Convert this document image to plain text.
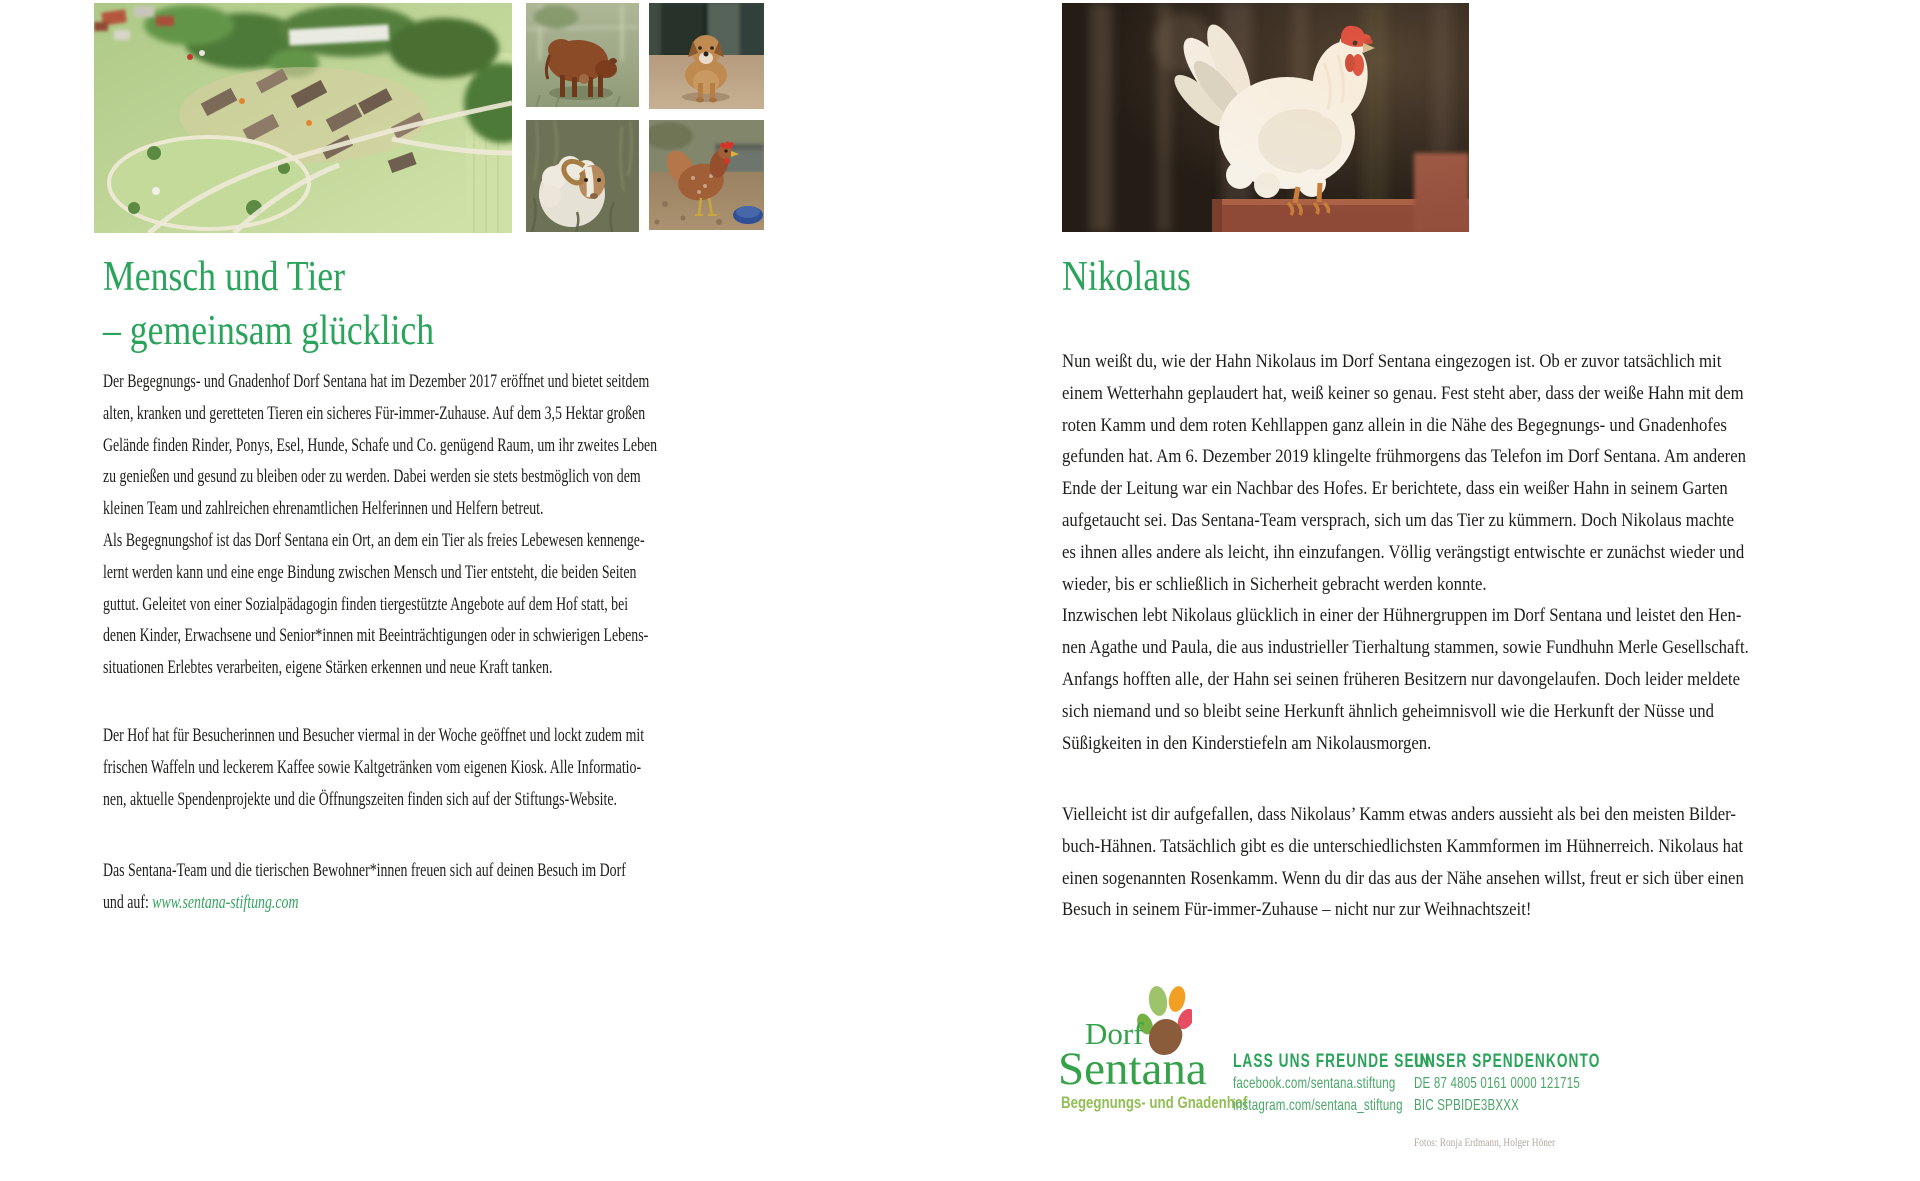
Mensch und Tier
– gemeinsam glücklich
Der Begegnungs- und Gnadenhof Dorf Sentana hat im Dezember 2017 eröffnet und bietet seitdem
alten, kranken und geretteten Tieren ein sicheres Für-immer-Zuhause. Auf dem 3,5 Hektar großen
Gelände finden Rinder, Ponys, Esel, Hunde, Schafe und Co. genügend Raum, um ihr zweites Leben
zu genießen und gesund zu bleiben oder zu werden. Dabei werden sie stets bestmöglich von dem
kleinen Team und zahlreichen ehrenamtlichen Helferinnen und Helfern betreut.
Als Begegnungshof ist das Dorf Sentana ein Ort, an dem ein Tier als freies Lebewesen kennenge-
lernt werden kann und eine enge Bindung zwischen Mensch und Tier entsteht, die beiden Seiten
guttut. Geleitet von einer Sozialpädagogin finden tiergestützte Angebote auf dem Hof statt, bei
denen Kinder, Erwachsene und Senior*innen mit Beeinträchtigungen oder in schwierigen Lebens-
situationen Erlebtes verarbeiten, eigene Stärken erkennen und neue Kraft tanken.
Der Hof hat für Besucherinnen und Besucher viermal in der Woche geöffnet und lockt zudem mit
frischen Waffeln und leckerem Kaffee sowie Kaltgetränken vom eigenen Kiosk. Alle Informatio-
nen, aktuelle Spendenprojekte und die Öffnungszeiten finden sich auf der Stiftungs-Website.
Das Sentana-Team und die tierischen Bewohner*innen freuen sich auf deinen Besuch im Dorf
und auf: www.sentana-stiftung.com
Nikolaus
Nun weißt du, wie der Hahn Nikolaus im Dorf Sentana eingezogen ist. Ob er zuvor tatsächlich mit
einem Wetterhahn geplaudert hat, weiß keiner so genau. Fest steht aber, dass der weiße Hahn mit dem
roten Kamm und dem roten Kehllappen ganz allein in die Nähe des Begegnungs- und Gnadenhofes
gefunden hat. Am 6. Dezember 2019 klingelte frühmorgens das Telefon im Dorf Sentana. Am anderen
Ende der Leitung war ein Nachbar des Hofes. Er berichtete, dass ein weißer Hahn in seinem Garten
aufgetaucht sei. Das Sentana-Team versprach, sich um das Tier zu kümmern. Doch Nikolaus machte
es ihnen alles andere als leicht, ihn einzufangen. Völlig verängstigt entwischte er zunächst wieder und
wieder, bis er schließlich in Sicherheit gebracht werden konnte.
Inzwischen lebt Nikolaus glücklich in einer der Hühnergruppen im Dorf Sentana und leistet den Hen-
nen Agathe und Paula, die aus industrieller Tierhaltung stammen, sowie Fundhuhn Merle Gesellschaft.
Anfangs hofften alle, der Hahn sei seinen früheren Besitzern nur davongelaufen. Doch leider meldete
sich niemand und so bleibt seine Herkunft ähnlich geheimnisvoll wie die Herkunft der Nüsse und
Süßigkeiten in den Kinderstiefeln am Nikolausmorgen.
Vielleicht ist dir aufgefallen, dass Nikolaus’ Kamm etwas anders aussieht als bei den meisten Bilder-
buch-Hähnen. Tatsächlich gibt es die unterschiedlichsten Kammformen im Hühnerreich. Nikolaus hat
einen sogenannten Rosenkamm. Wenn du dir das aus der Nähe ansehen willst, freut er sich über einen
Besuch in seinem Für-immer-Zuhause – nicht nur zur Weihnachtszeit!
Dorf
Sentana
Begegnungs- und Gnadenhof
LASS UNS FREUNDE SEIN!
facebook.com/sentana.stiftung
instagram.com/sentana_stiftung
UNSER SPENDENKONTO
DE 87 4805 0161 0000 121715
BIC SPBIDE3BXXX
Fotos: Ronja Erdmann, Holger Höner
